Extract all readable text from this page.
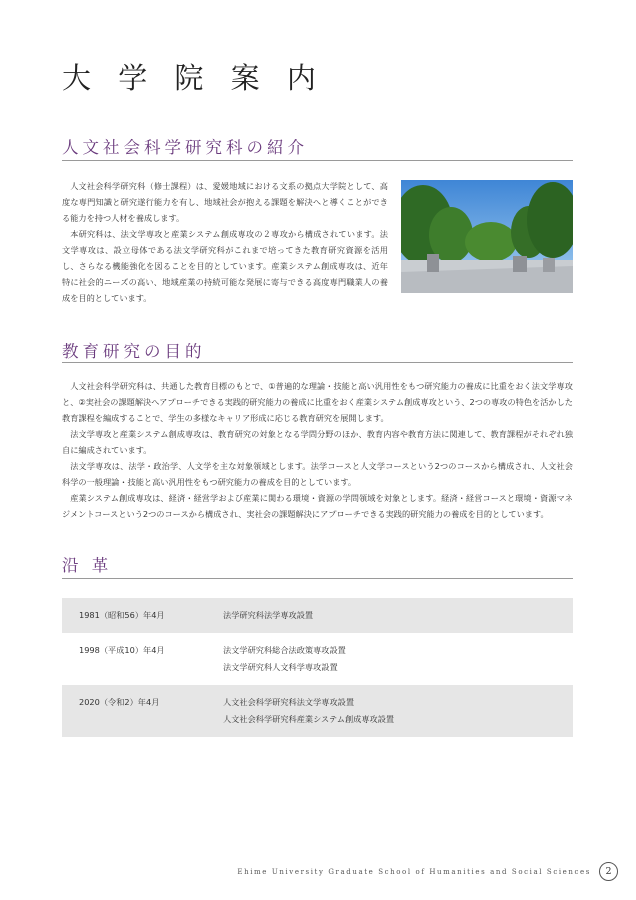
大 学 院 案 内
人文社会科学研究科の紹介

人文社会科学研究科（修士課程）は、愛媛地域における文系の拠点大学院として、高度な専門知識と研究遂行能力を有し、地域社会が抱える課題を解決へと導くことができる能力を持つ人材を養成します。

本研究科は、法文学専攻と産業システム創成専攻の２専攻から構成されています。法文学専攻は、設立母体である法文学研究科がこれまで培ってきた教育研究資源を活用し、さらなる機能強化を図ることを目的としています。産業システム創成専攻は、近年特に社会的ニーズの高い、地域産業の持続可能な発展に寄与できる高度専門職業人の養成を目的としています。

教育研究の目的

人文社会科学研究科は、共通した教育目標のもとで、①普遍的な理論・技能と高い汎用性をもつ研究能力の養成に比重をおく法文学専攻と、②実社会の課題解決へアプローチできる実践的研究能力の養成に比重をおく産業システム創成専攻という、2つの専攻の特色を活かした教育課程を編成することで、学生の多様なキャリア形成に応じる教育研究を展開します。

法文学専攻と産業システム創成専攻は、教育研究の対象となる学問分野のほか、教育内容や教育方法に関連して、教育課程がそれぞれ独自に編成されています。

法文学専攻は、法学・政治学、人文学を主な対象領域とします。法学コースと人文学コースという2つのコースから構成され、人文社会科学の一般理論・技能と高い汎用性をもつ研究能力の養成を目的としています。

産業システム創成専攻は、経済・経営学および産業に関わる環境・資源の学問領域を対象とします。経済・経営コースと環境・資源マネジメントコースという2つのコースから構成され、実社会の課題解決にアプローチできる実践的研究能力の養成を目的としています。

沿 革
1981（昭和56）年4月	法学研究科法学専攻設置
1998（平成10）年4月	法文学研究科総合法政策専攻設置
法文学研究科人文科学専攻設置
2020（令和2）年4月	人文社会科学研究科法文学専攻設置
人文社会科学研究科産業システム創成専攻設置
Ehime University Graduate School of Humanities and Social Sciences	2
